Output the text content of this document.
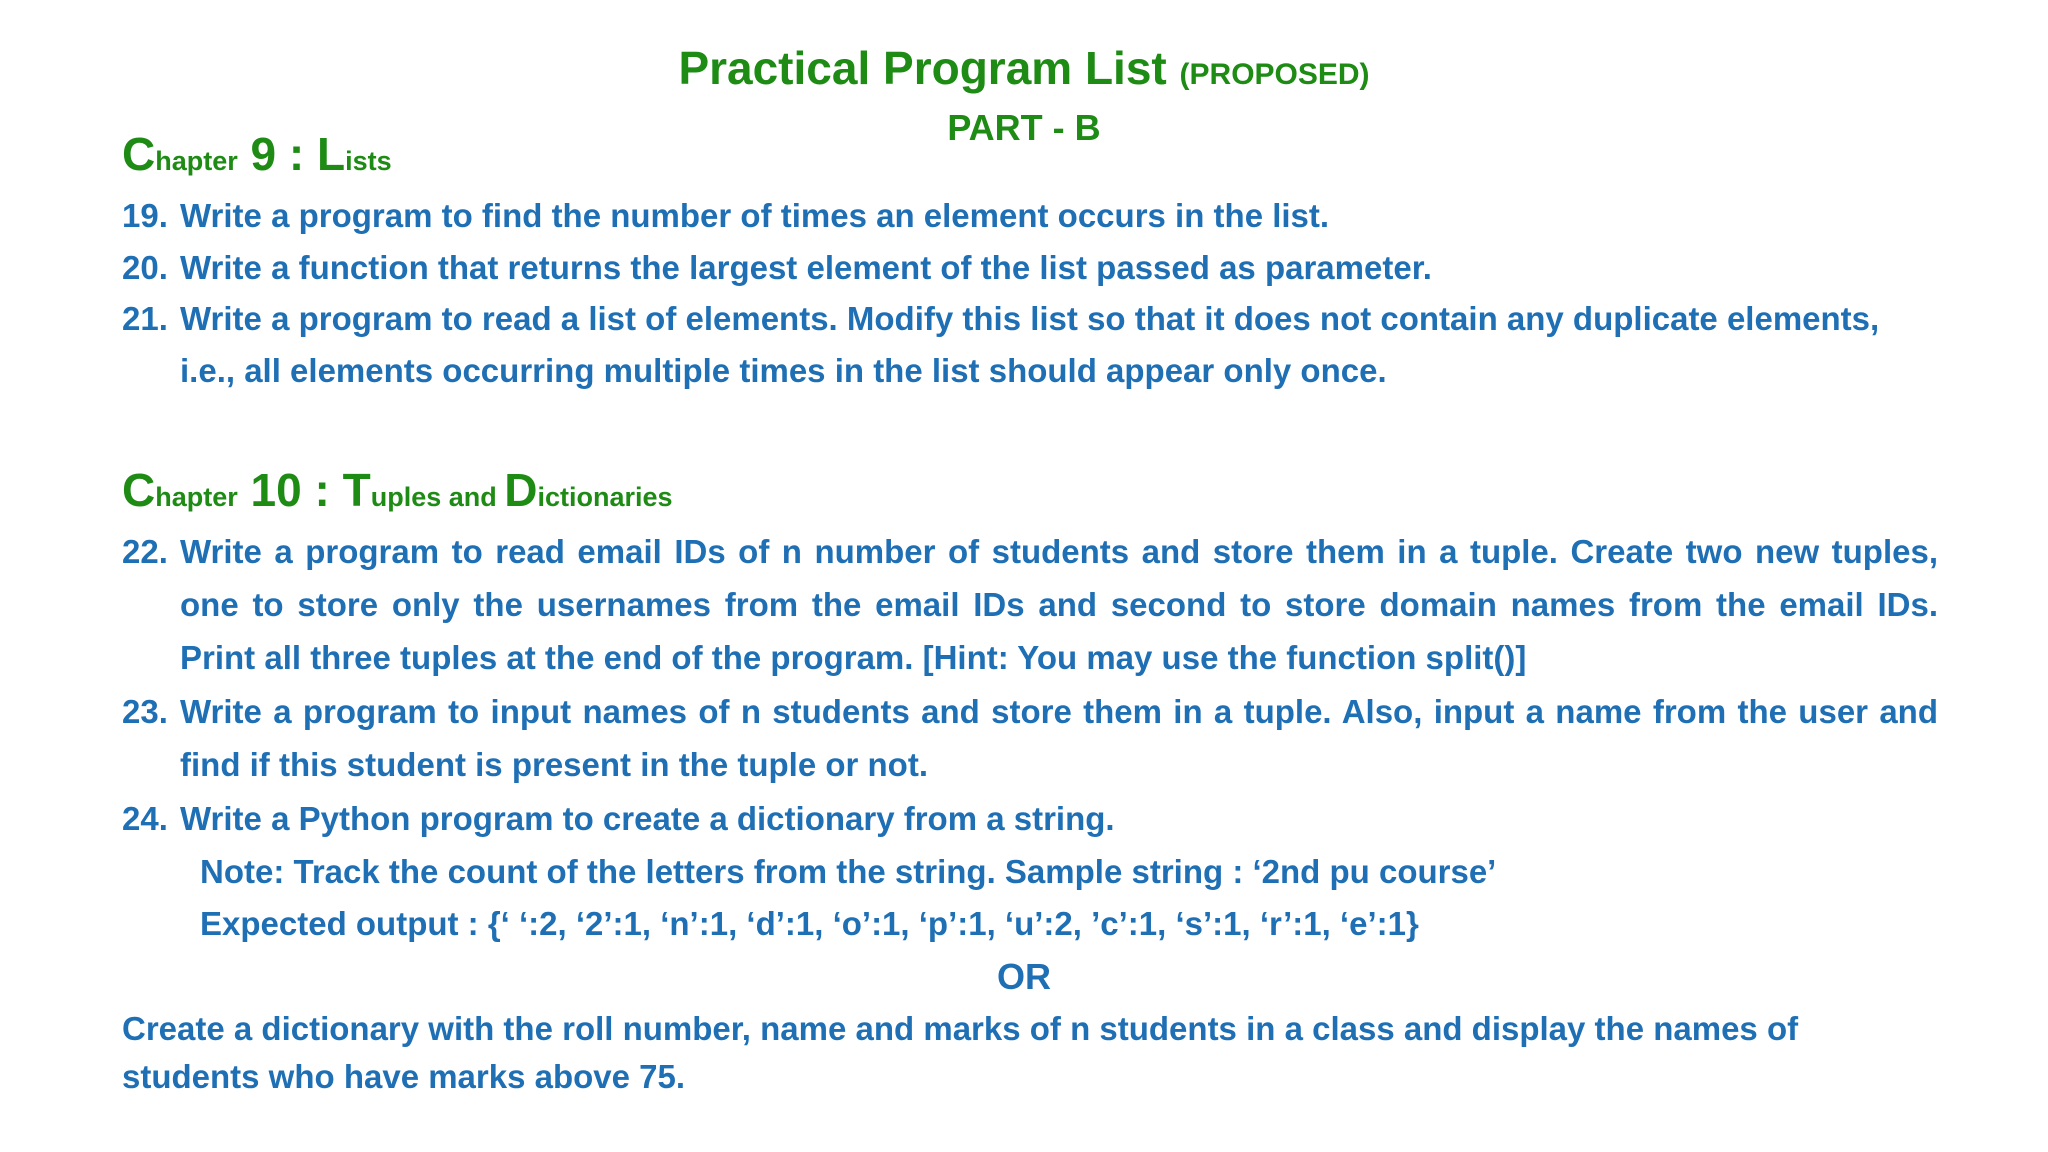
Practical Program List (PROPOSED)
PART - B
Chapter 9 : Lists
19. Write a program to find the number of times an element occurs in the list.
20. Write a function that returns the largest element of the list passed as parameter.
21. Write a program to read a list of elements. Modify this list so that it does not contain any duplicate elements,
i.e., all elements occurring multiple times in the list should appear only once.
Chapter 10 : Tuples and Dictionaries
22. Write a program to read email IDs of n number of students and store them in a tuple. Create two new tuples,
one to store only the usernames from the email IDs and second to store domain names from the email IDs.
Print all three tuples at the end of the program. [Hint: You may use the function split()]
23. Write a program to input names of n students and store them in a tuple. Also, input a name from the user and
find if this student is present in the tuple or not.
24. Write a Python program to create a dictionary from a string.
Note: Track the count of the letters from the string. Sample string : ‘2nd pu course’
Expected output : {‘ ‘:2, ‘2’:1, ‘n’:1, ‘d’:1, ‘o’:1, ‘p’:1, ‘u’:2, ’c’:1, ‘s’:1, ‘r’:1, ‘e’:1}
OR
Create a dictionary with the roll number, name and marks of n students in a class and display the names of
students who have marks above 75.
